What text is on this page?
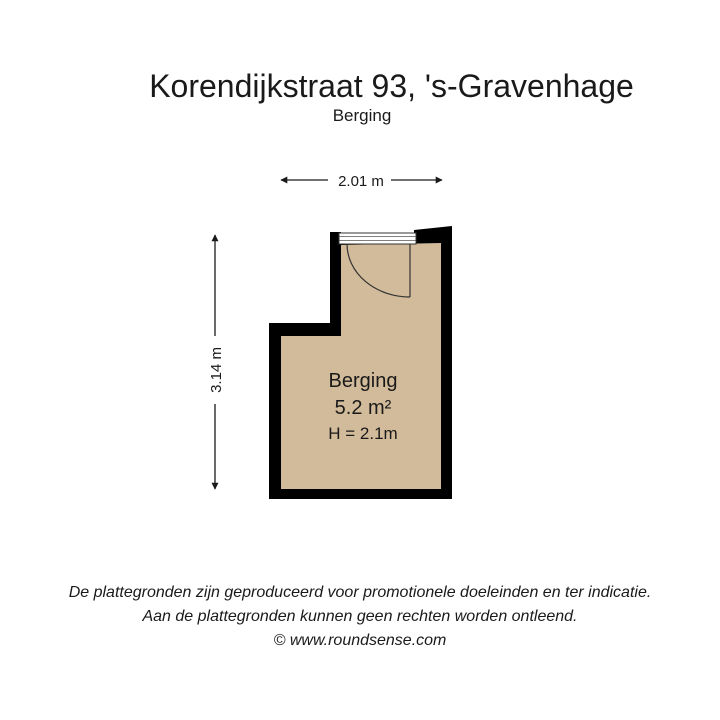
Korendijkstraat 93, 's-Gravenhage
Berging
2.01 m
3.14 m	Berging
5.2 m²
H = 2.1m
De plattegronden zijn geproduceerd voor promotionele doeleinden en ter indicatie.
Aan de plattegronden kunnen geen rechten worden ontleend.
© www.roundsense.com
